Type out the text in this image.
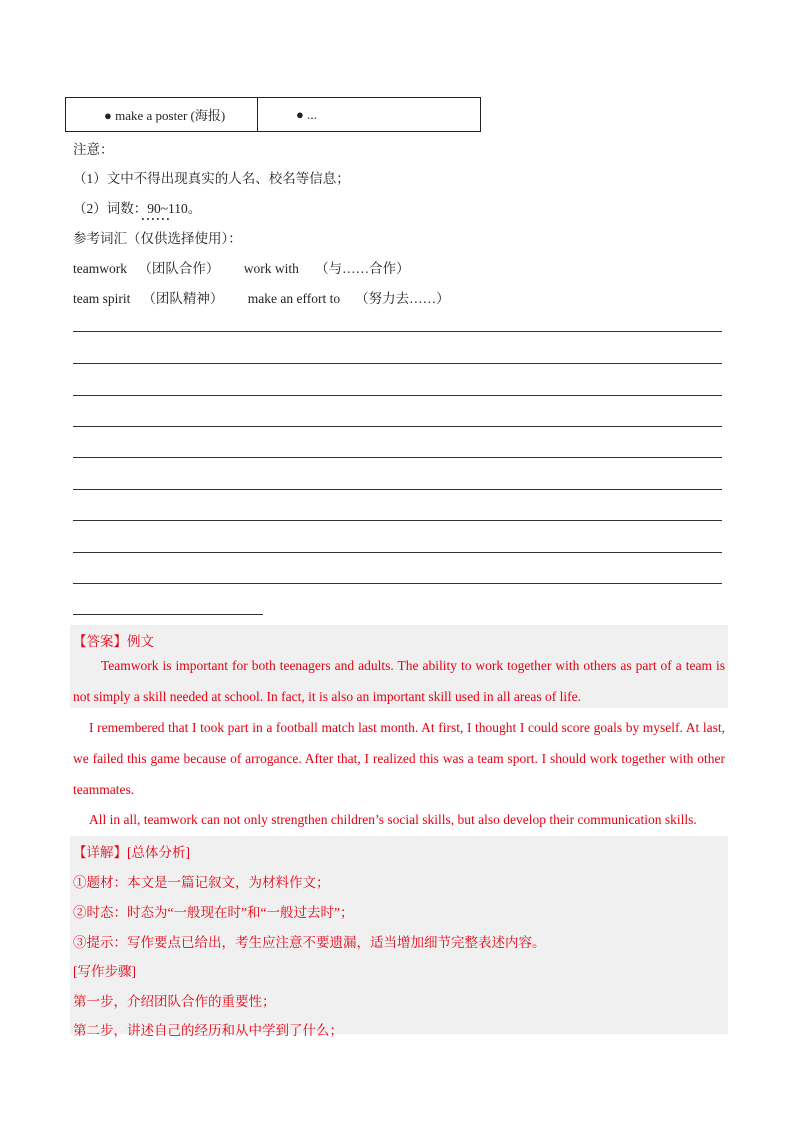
● make a poster (海报)	● ...
注意：
（1）文中不得出现真实的人名、校名等信息；
（2）词数：90~110。
参考词汇（•••••• 仅供选择使用）：
teamwork （团队合作） work with （与……合作）
team spirit （团队精神） make an effort to （努力去……）
【答案】例文
Teamwork is important for both teenagers and adults. The ability to work together with others as part of a team is not simply a skill needed at school. In fact, it is also an important skill used in all areas of life.
I remembered that I took part in a football match last month. At first, I thought I could score goals by myself. At last, we failed this game because of arrogance. After that, I realized this was a team sport. I should work together with other teammates.
All in all, teamwork can not only strengthen children’s social skills, but also develop their communication skills.
【详解】[总体分析]
①题材：本文是一篇记叙文，为材料作文；
②时态：时态为“一般现在时”和“一般过去时”；
③提示：写作要点已给出，考生应注意不要遗漏，适当增加细节完整表述内容。
[写作步骤]
第一步，介绍团队合作的重要性；
第二步，讲述自己的经历和从中学到了什么；
